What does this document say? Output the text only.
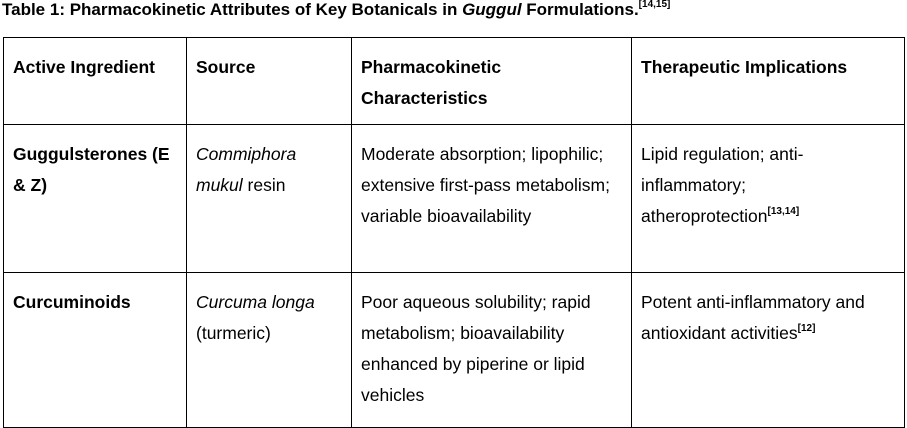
Table 1: Pharmacokinetic Attributes of Key Botanicals in Guggul Formulations.[14,15]
Active Ingredient	Source	Pharmacokinetic Characteristics	Therapeutic Implications
Guggulsterones (E & Z)	Commiphora mukul resin	Moderate absorption; lipophilic; extensive first-pass metabolism; variable bioavailability	Lipid regulation; anti-inflammatory; atheroprotection[13,14]
Curcuminoids	Curcuma longa (turmeric)	Poor aqueous solubility; rapid metabolism; bioavailability enhanced by piperine or lipid vehicles	Potent anti-inflammatory and antioxidant activities[12]
